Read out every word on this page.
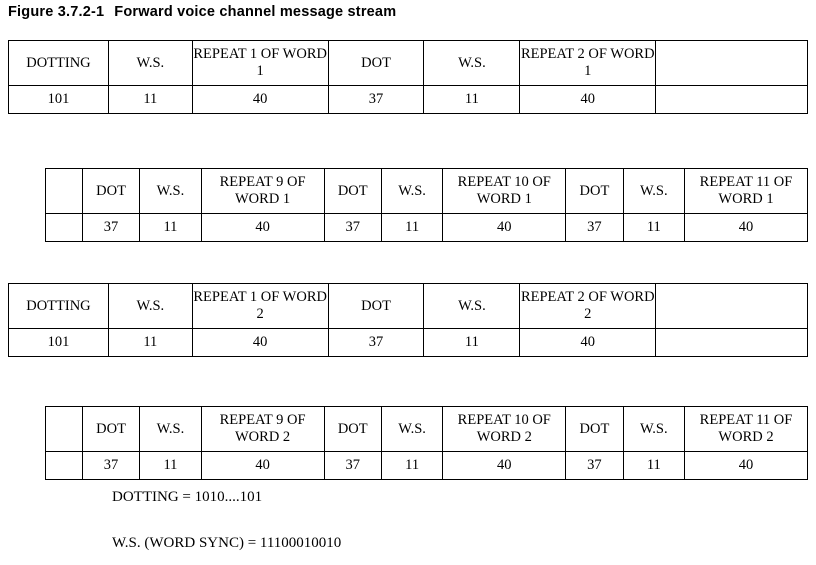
Figure 3.7.2-1 Forward voice channel message stream
DOTTING	W.S.	REPEAT 1 OF WORD 1	DOT	W.S.	REPEAT 2 OF WORD 1	
101	11	40	37	11	40	
	DOT	W.S.	REPEAT 9 OF WORD 1	DOT	W.S.	REPEAT 10 OF WORD 1	DOT	W.S.	REPEAT 11 OF WORD 1
	37	11	40	37	11	40	37	11	40
DOTTING	W.S.	REPEAT 1 OF WORD 2	DOT	W.S.	REPEAT 2 OF WORD 2	
101	11	40	37	11	40	
	DOT	W.S.	REPEAT 9 OF WORD 2	DOT	W.S.	REPEAT 10 OF WORD 2	DOT	W.S.	REPEAT 11 OF WORD 2
	37	11	40	37	11	40	37	11	40
DOTTING = 1010....101
W.S. (WORD SYNC) = 11100010010
